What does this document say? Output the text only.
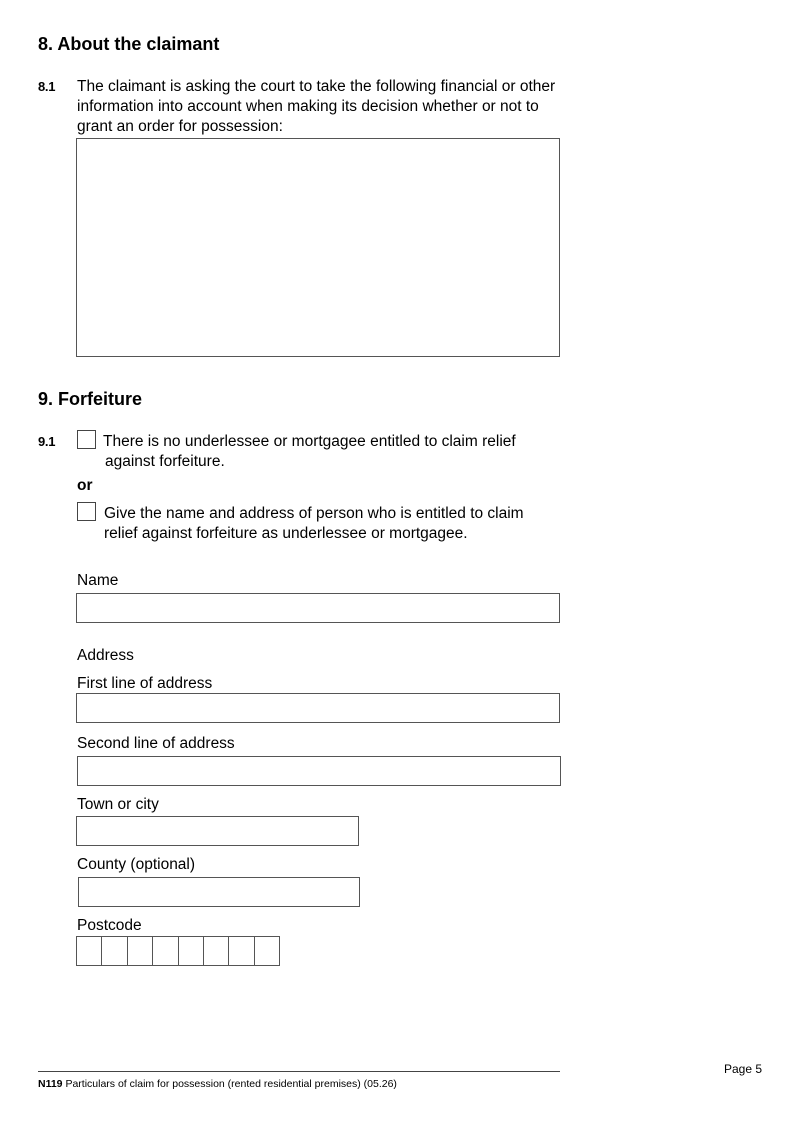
8. About the claimant
8.1 The claimant is asking the court to take the following financial or other information into account when making its decision whether or not to grant an order for possession:
9. Forfeiture
9.1	There is no underlessee or mortgagee entitled to claim relief
against forfeiture.
or
Give the name and address of person who is entitled to claim
relief against forfeiture as underlessee or mortgagee.
Name
Address
First line of address
Second line of address
Town or city
County (optional)
Postcode
Page 5
N119 Particulars of claim for possession (rented residential premises) (05.26)
